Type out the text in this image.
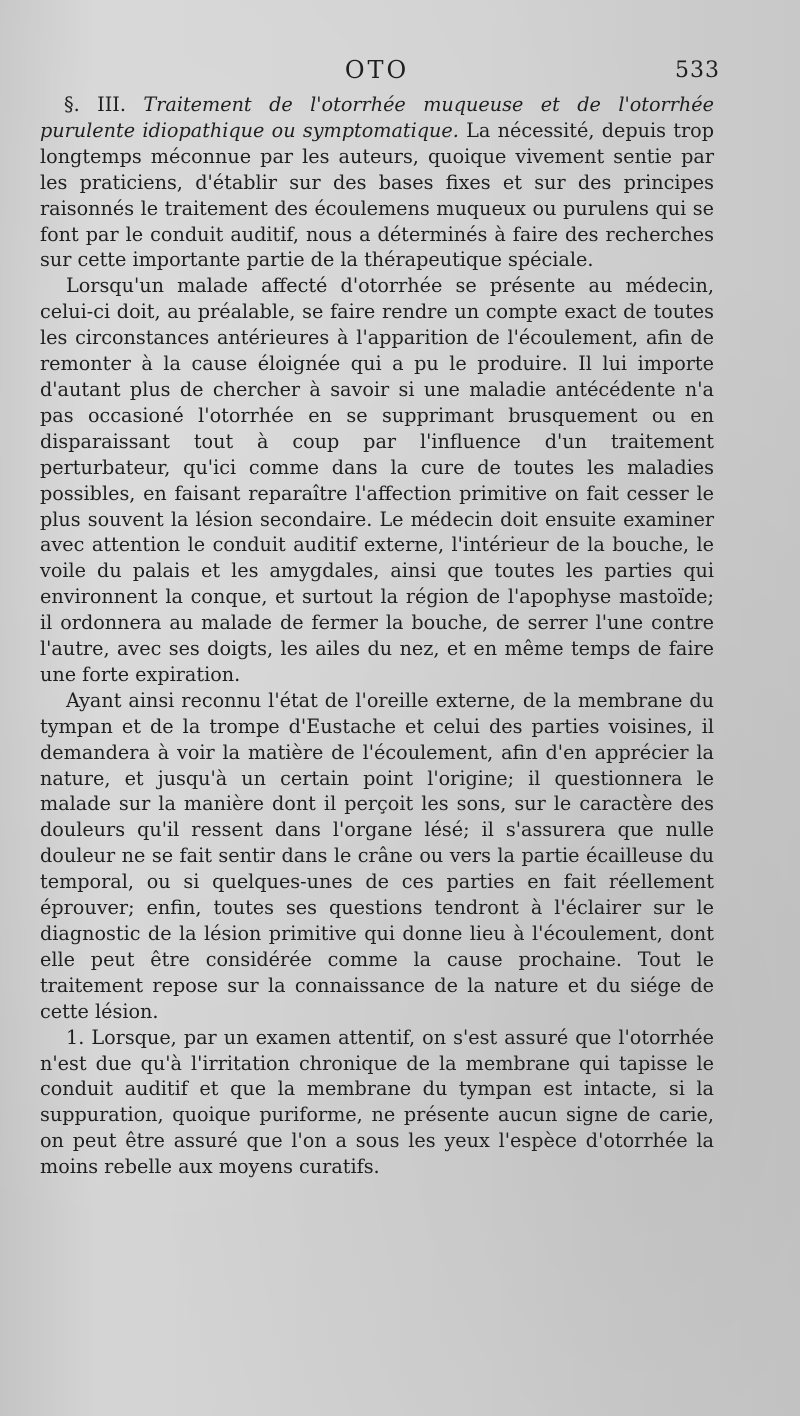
OTO	533

§. III. Traitement de l'otorrhée muqueuse et de l'otorrhée purulente idiopathique ou symptomatique. La nécessité, depuis trop longtemps méconnue par les auteurs, quoique vivement sentie par les praticiens, d'établir sur des bases fixes et sur des principes raisonnés le traitement des écoulemens muqueux ou purulens qui se font par le conduit auditif, nous a déterminés à faire des recherches sur cette importante partie de la thérapeutique spéciale.

Lorsqu'un malade affecté d'otorrhée se présente au médecin, celui-ci doit, au préalable, se faire rendre un compte exact de toutes les circonstances antérieures à l'apparition de l'écoulement, afin de remonter à la cause éloignée qui a pu le produire. Il lui importe d'autant plus de chercher à savoir si une maladie antécédente n'a pas occasioné l'otorrhée en se supprimant brusquement ou en disparaissant tout à coup par l'influence d'un traitement perturbateur, qu'ici comme dans la cure de toutes les maladies possibles, en faisant reparaître l'affection primitive on fait cesser le plus souvent la lésion secondaire. Le médecin doit ensuite examiner avec attention le conduit auditif externe, l'intérieur de la bouche, le voile du palais et les amygdales, ainsi que toutes les parties qui environnent la conque, et surtout la région de l'apophyse mastoïde; il ordonnera au malade de fermer la bouche, de serrer l'une contre l'autre, avec ses doigts, les ailes du nez, et en même temps de faire une forte expiration.

Ayant ainsi reconnu l'état de l'oreille externe, de la membrane du tympan et de la trompe d'Eustache et celui des parties voisines, il demandera à voir la matière de l'écoulement, afin d'en apprécier la nature, et jusqu'à un certain point l'origine; il questionnera le malade sur la manière dont il perçoit les sons, sur le caractère des douleurs qu'il ressent dans l'organe lésé; il s'assurera que nulle douleur ne se fait sentir dans le crâne ou vers la partie écailleuse du temporal, ou si quelques-unes de ces parties en fait réellement éprouver; enfin, toutes ses questions tendront à l'éclairer sur le diagnostic de la lésion primitive qui donne lieu à l'écoulement, dont elle peut être considérée comme la cause prochaine. Tout le traitement repose sur la connaissance de la nature et du siége de cette lésion.

1. Lorsque, par un examen attentif, on s'est assuré que l'otorrhée n'est due qu'à l'irritation chronique de la membrane qui tapisse le conduit auditif et que la membrane du tympan est intacte, si la suppuration, quoique puriforme, ne présente aucun signe de carie, on peut être assuré que l'on a sous les yeux l'espèce d'otorrhée la moins rebelle aux moyens curatifs.
